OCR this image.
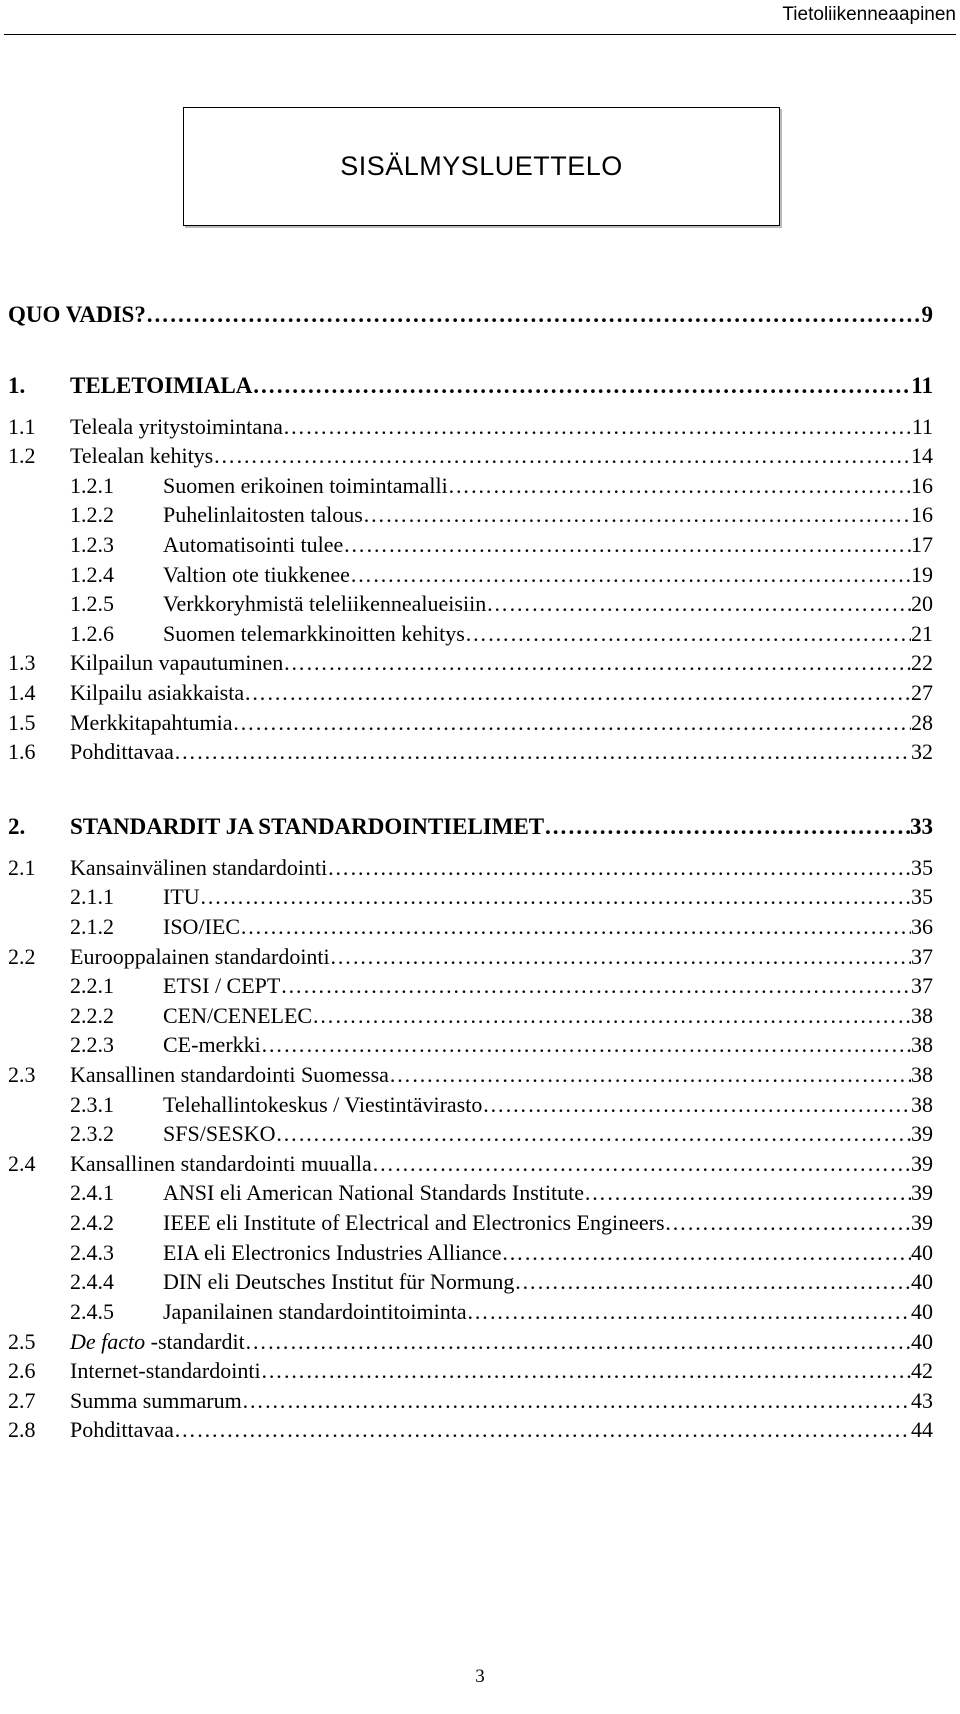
Tietoliikenneaapinen
SISÄLMYSLUETTELO
QUO VADIS? ………………………………………………………………………………………………………………………………………………………………………………………………………………………………	9
1.	TELETOIMIALA ………………………………………………………………………………………………………………………………………………………………………………………………………………………………	11
1.1	Teleala yritystoimintana ………………………………………………………………………………………………………………………………………………………………………………………………………………………………	11
1.2	Telealan kehitys ………………………………………………………………………………………………………………………………………………………………………………………………………………………………	14
1.2.1	Suomen erikoinen toimintamalli ………………………………………………………………………………………………………………………………………………………………………………………………………………………………	16
1.2.2	Puhelinlaitosten talous ………………………………………………………………………………………………………………………………………………………………………………………………………………………………	16
1.2.3	Automatisointi tulee ………………………………………………………………………………………………………………………………………………………………………………………………………………………………	17
1.2.4	Valtion ote tiukkenee ………………………………………………………………………………………………………………………………………………………………………………………………………………………………	19
1.2.5	Verkkoryhmistä teleliikennealueisiin ………………………………………………………………………………………………………………………………………………………………………………………………………………………………	20
1.2.6	Suomen telemarkkinoitten kehitys ………………………………………………………………………………………………………………………………………………………………………………………………………………………………	21
1.3	Kilpailun vapautuminen ………………………………………………………………………………………………………………………………………………………………………………………………………………………………	22
1.4	Kilpailu asiakkaista ………………………………………………………………………………………………………………………………………………………………………………………………………………………………	27
1.5	Merkkitapahtumia ………………………………………………………………………………………………………………………………………………………………………………………………………………………………	28
1.6	Pohdittavaa ………………………………………………………………………………………………………………………………………………………………………………………………………………………………	32
2.	STANDARDIT JA STANDARDOINTIELIMET ………………………………………………………………………………………………………………………………………………………………………………………………………………………………	33
2.1	Kansainvälinen standardointi ………………………………………………………………………………………………………………………………………………………………………………………………………………………………	35
2.1.1	ITU ………………………………………………………………………………………………………………………………………………………………………………………………………………………………	35
2.1.2	ISO/IEC ………………………………………………………………………………………………………………………………………………………………………………………………………………………………	36
2.2	Eurooppalainen standardointi ………………………………………………………………………………………………………………………………………………………………………………………………………………………………	37
2.2.1	ETSI / CEPT ………………………………………………………………………………………………………………………………………………………………………………………………………………………………	37
2.2.2	CEN/CENELEC ………………………………………………………………………………………………………………………………………………………………………………………………………………………………	38
2.2.3	CE-merkki ………………………………………………………………………………………………………………………………………………………………………………………………………………………………	38
2.3	Kansallinen standardointi Suomessa ………………………………………………………………………………………………………………………………………………………………………………………………………………………………	38
2.3.1	Telehallintokeskus / Viestintävirasto ………………………………………………………………………………………………………………………………………………………………………………………………………………………………	38
2.3.2	SFS/SESKO ………………………………………………………………………………………………………………………………………………………………………………………………………………………………	39
2.4	Kansallinen standardointi muualla ………………………………………………………………………………………………………………………………………………………………………………………………………………………………	39
2.4.1	ANSI eli American National Standards Institute ………………………………………………………………………………………………………………………………………………………………………………………………………………………………	39
2.4.2	IEEE eli Institute of Electrical and Electronics Engineers ………………………………………………………………………………………………………………………………………………………………………………………………………………………………	39
2.4.3	EIA eli Electronics Industries Alliance ………………………………………………………………………………………………………………………………………………………………………………………………………………………………	40
2.4.4	DIN eli Deutsches Institut für Normung ………………………………………………………………………………………………………………………………………………………………………………………………………………………………	40
2.4.5	Japanilainen standardointitoiminta ………………………………………………………………………………………………………………………………………………………………………………………………………………………………	40
2.5	De facto -standardit ………………………………………………………………………………………………………………………………………………………………………………………………………………………………	40
2.6	Internet-standardointi ………………………………………………………………………………………………………………………………………………………………………………………………………………………………	42
2.7	Summa summarum ………………………………………………………………………………………………………………………………………………………………………………………………………………………………	43
2.8	Pohdittavaa ………………………………………………………………………………………………………………………………………………………………………………………………………………………………	44
3
